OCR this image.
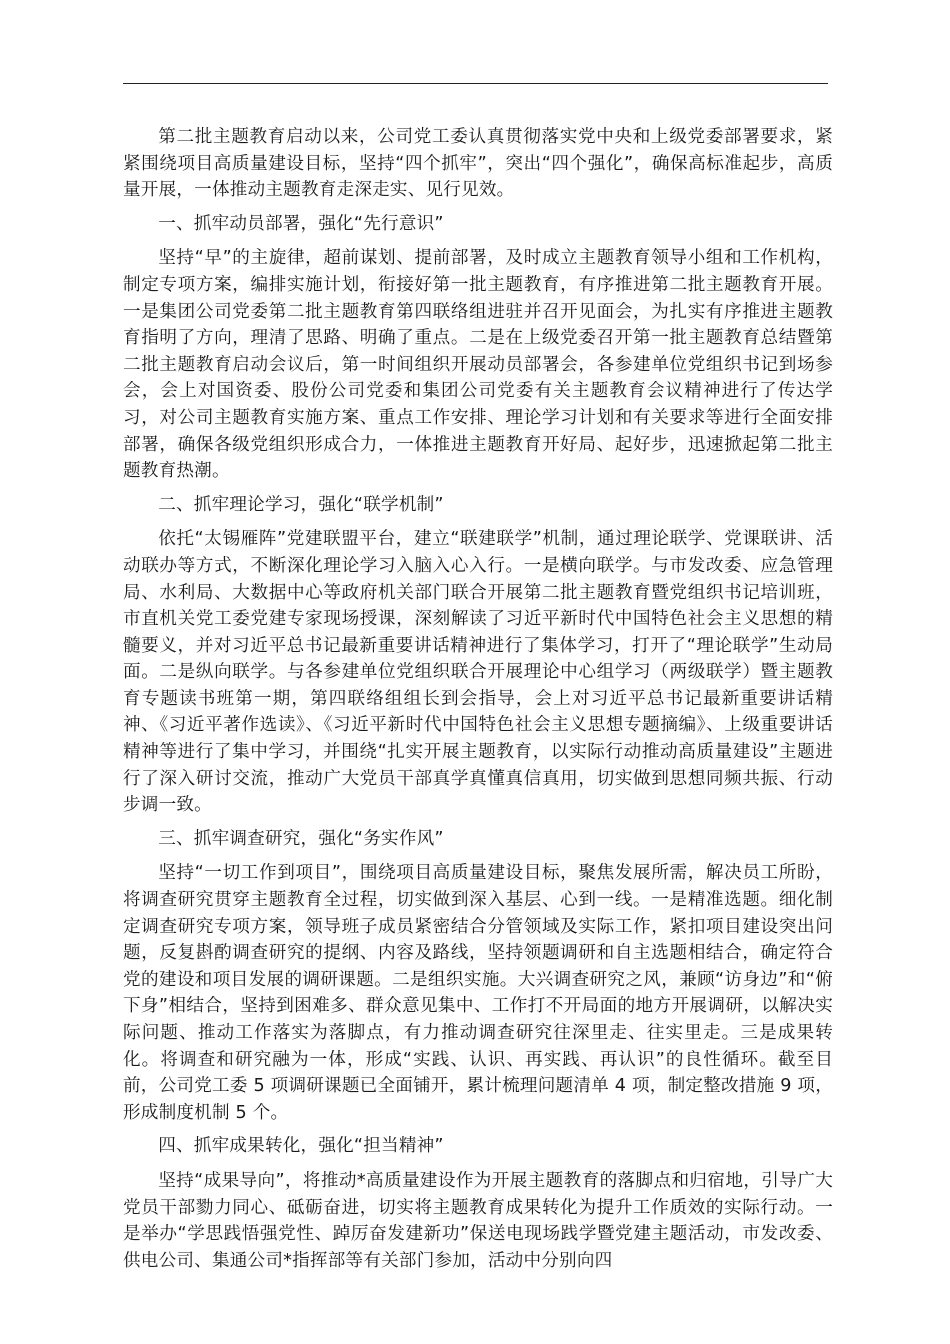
第二批主题教育启动以来，公司党工委认真贯彻落实党中央和上级党委部署要求，紧紧围绕项目高质量建设目标，坚持“四个抓牢”，突出“四个强化”，确保高标准起步，高质量开展，一体推动主题教育走深走实、见行见效。

一、抓牢动员部署，强化“先行意识”

坚持“早”的主旋律，超前谋划、提前部署，及时成立主题教育领导小组和工作机构，制定专项方案，编排实施计划，衔接好第一批主题教育，有序推进第二批主题教育开展。一是集团公司党委第二批主题教育第四联络组进驻并召开见面会，为扎实有序推进主题教育指明了方向，理清了思路、明确了重点。二是在上级党委召开第一批主题教育总结暨第二批主题教育启动会议后，第一时间组织开展动员部署会，各参建单位党组织书记到场参会，会上对国资委、股份公司党委和集团公司党委有关主题教育会议精神进行了传达学习，对公司主题教育实施方案、重点工作安排、理论学习计划和有关要求等进行全面安排部署，确保各级党组织形成合力，一体推进主题教育开好局、起好步，迅速掀起第二批主题教育热潮。

二、抓牢理论学习，强化“联学机制”

依托“太锡雁阵”党建联盟平台，建立“联建联学”机制，通过理论联学、党课联讲、活动联办等方式，不断深化理论学习入脑入心入行。一是横向联学。与市发改委、应急管理局、水利局、大数据中心等政府机关部门联合开展第二批主题教育暨党组织书记培训班，市直机关党工委党建专家现场授课，深刻解读了习近平新时代中国特色社会主义思想的精髓要义，并对习近平总书记最新重要讲话精神进行了集体学习，打开了“理论联学”生动局面。二是纵向联学。与各参建单位党组织联合开展理论中心组学习（两级联学）暨主题教育专题读书班第一期，第四联络组组长到会指导，会上对习近平总书记最新重要讲话精神、《习近平著作选读》、《习近平新时代中国特色社会主义思想专题摘编》、上级重要讲话精神等进行了集中学习，并围绕“扎实开展主题教育，以实际行动推动高质量建设”主题进行了深入研讨交流，推动广大党员干部真学真懂真信真用，切实做到思想同频共振、行动步调一致。

三、抓牢调查研究，强化“务实作风”

坚持“一切工作到项目”，围绕项目高质量建设目标，聚焦发展所需，解决员工所盼，将调查研究贯穿主题教育全过程，切实做到深入基层、心到一线。一是精准选题。细化制定调查研究专项方案，领导班子成员紧密结合分管领域及实际工作，紧扣项目建设突出问题，反复斟酌调查研究的提纲、内容及路线，坚持领题调研和自主选题相结合，确定符合党的建设和项目发展的调研课题。二是组织实施。大兴调查研究之风，兼顾“访身边”和“俯下身”相结合，坚持到困难多、群众意见集中、工作打不开局面的地方开展调研，以解决实际问题、推动工作落实为落脚点，有力推动调查研究往深里走、往实里走。三是成果转化。将调查和研究融为一体，形成“实践、认识、再实践、再认识”的良性循环。截至目前，公司党工委 5 项调研课题已全面铺开，累计梳理问题清单 4 项，制定整改措施 9 项，形成制度机制 5 个。

四、抓牢成果转化，强化“担当精神”

坚持“成果导向”，将推动*高质量建设作为开展主题教育的落脚点和归宿地，引导广大党员干部勠力同心、砥砺奋进，切实将主题教育成果转化为提升工作质效的实际行动。一是举办“学思践悟强党性、踔厉奋发建新功”保送电现场践学暨党建主题活动，市发改委、供电公司、集通公司*指挥部等有关部门参加，活动中分别向四
